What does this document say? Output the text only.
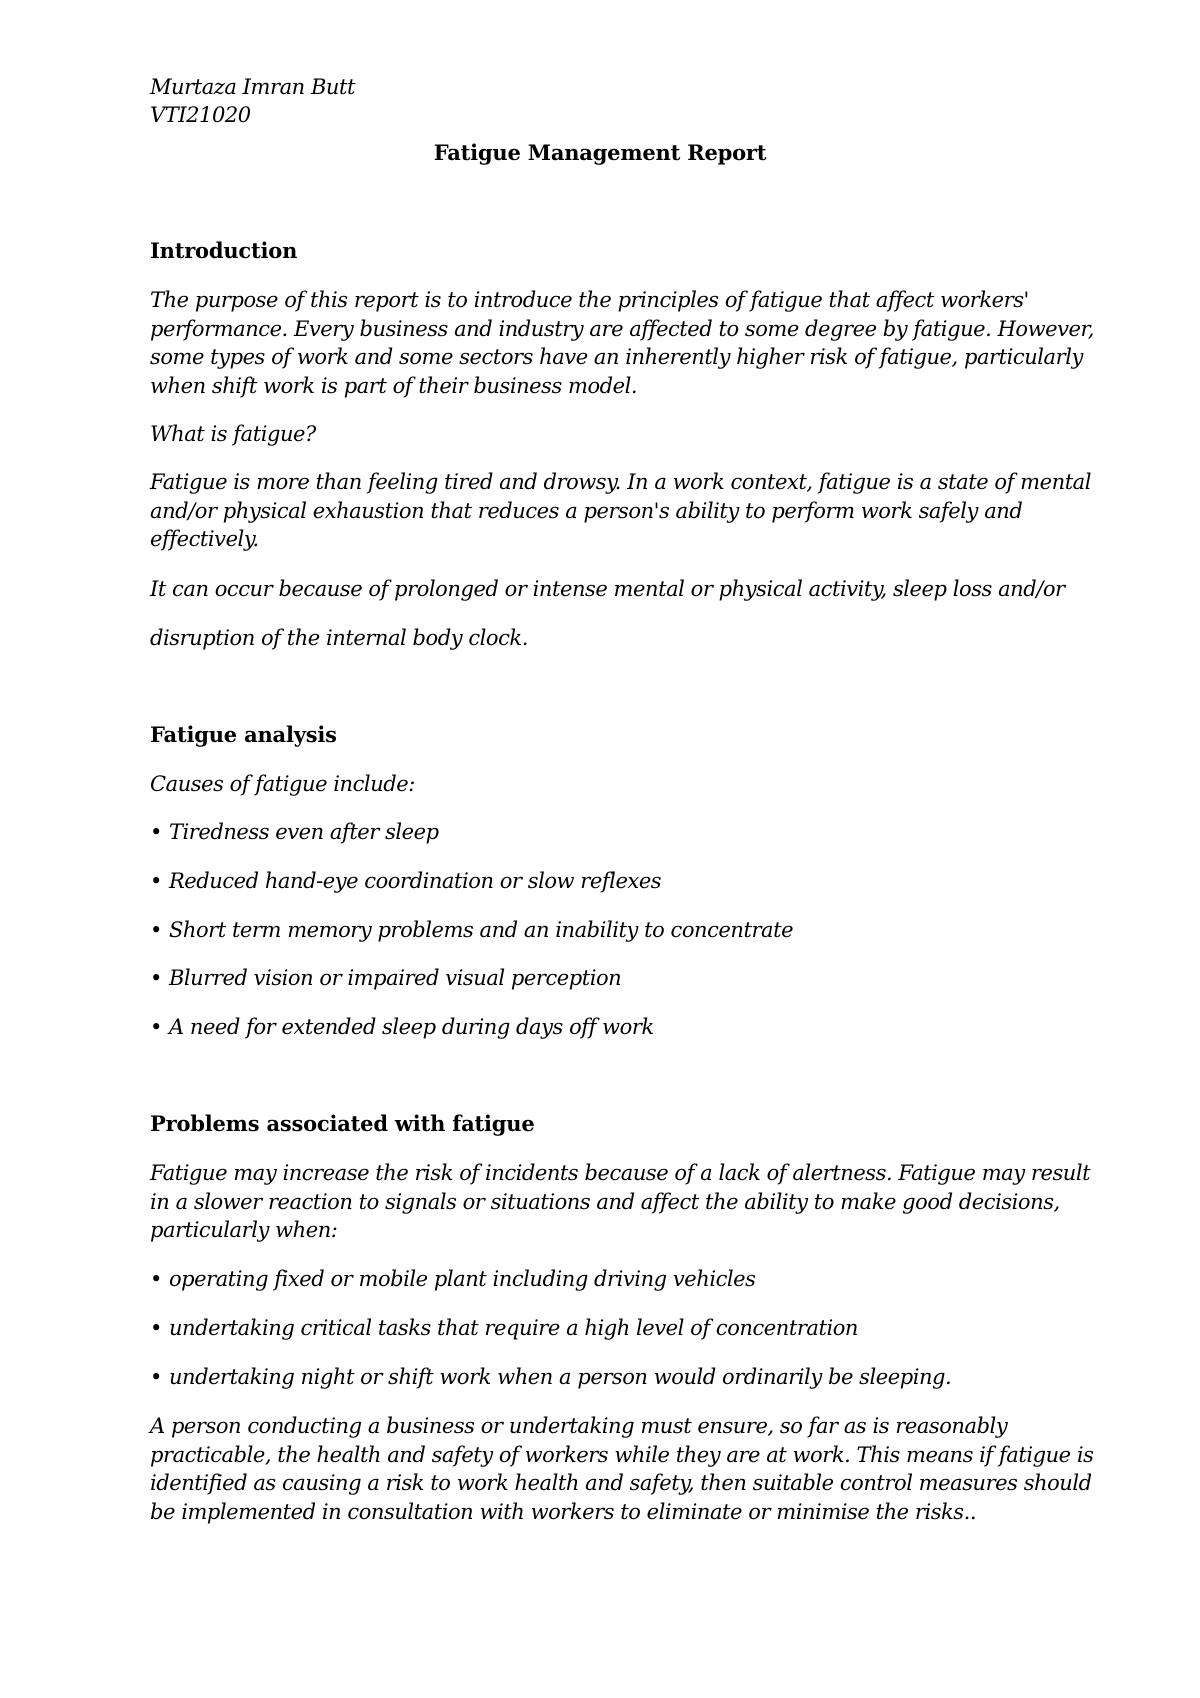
Murtaza Imran Butt

VTI21020

Fatigue Management Report

Introduction

The purpose of this report is to introduce the principles of fatigue that affect workers'
performance. Every business and industry are affected to some degree by fatigue. However,
some types of work and some sectors have an inherently higher risk of fatigue, particularly
when shift work is part of their business model.

What is fatigue?

Fatigue is more than feeling tired and drowsy. In a work context, fatigue is a state of mental
and/or physical exhaustion that reduces a person's ability to perform work safely and
effectively.

It can occur because of prolonged or intense mental or physical activity, sleep loss and/or

disruption of the internal body clock.

Fatigue analysis

Causes of fatigue include:

• Tiredness even after sleep

• Reduced hand-eye coordination or slow reflexes

• Short term memory problems and an inability to concentrate

• Blurred vision or impaired visual perception

• A need for extended sleep during days off work

Problems associated with fatigue

Fatigue may increase the risk of incidents because of a lack of alertness. Fatigue may result
in a slower reaction to signals or situations and affect the ability to make good decisions,
particularly when:

• operating fixed or mobile plant including driving vehicles

• undertaking critical tasks that require a high level of concentration

• undertaking night or shift work when a person would ordinarily be sleeping.

A person conducting a business or undertaking must ensure, so far as is reasonably
practicable, the health and safety of workers while they are at work. This means if fatigue is
identified as causing a risk to work health and safety, then suitable control measures should
be implemented in consultation with workers to eliminate or minimise the risks..
